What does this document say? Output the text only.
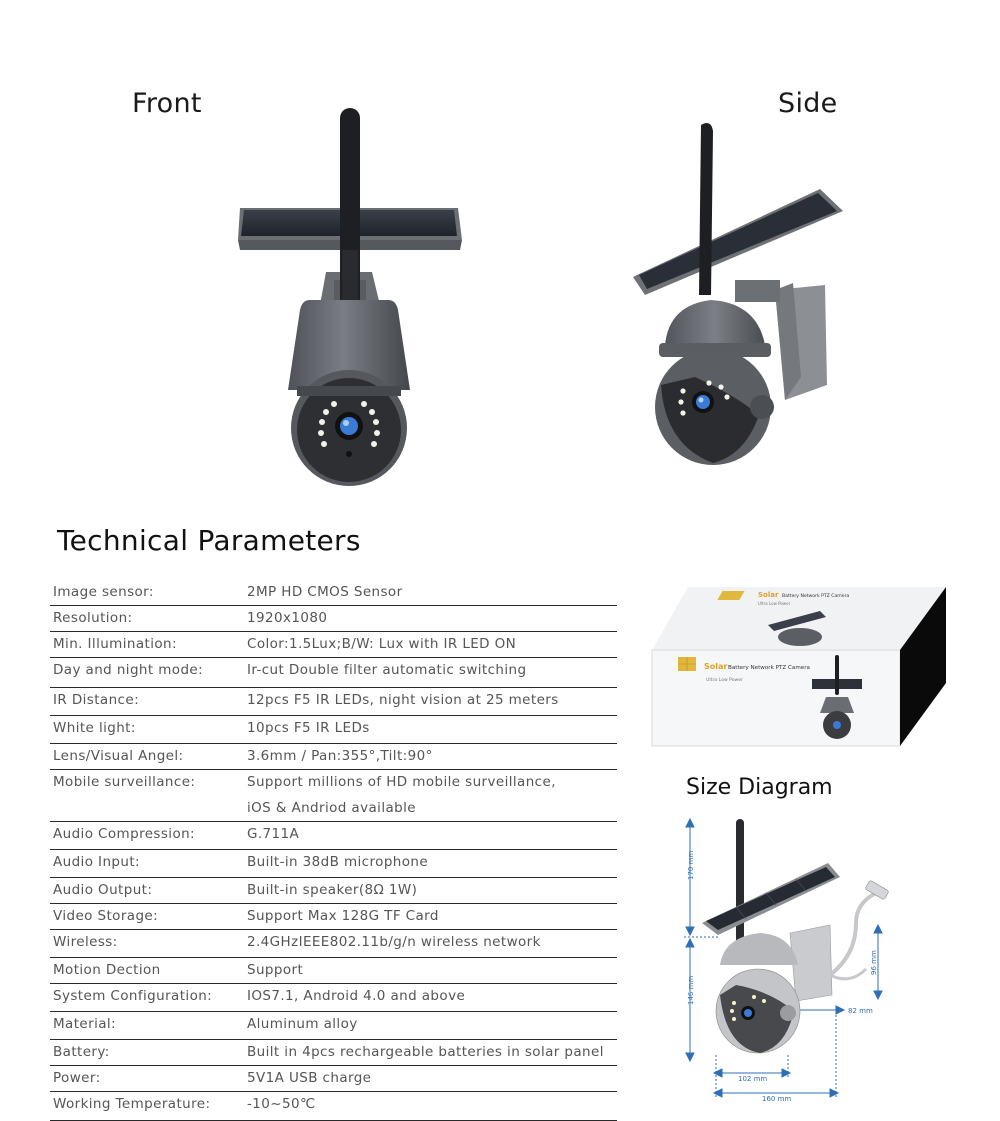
Front	Side
Technical Parameters
Image sensor:	2MP HD CMOS Sensor
Resolution:	1920x1080
Min. Illumination:	Color:1.5Lux;B/W: Lux with IR LED ON
Day and night mode:	Ir-cut Double filter automatic switching
IR Distance:	12pcs F5 IR LEDs, night vision at 25 meters
White light:	10pcs F5 IR LEDs
Lens/Visual Angel:	3.6mm / Pan:355°,Tilt:90°
Mobile surveillance:	Support millions of HD mobile surveillance,
iOS & Andriod available
Audio Compression:	G.711A
Audio Input:	Built-in 38dB microphone
Audio Output:	Built-in speaker(8Ω 1W)
Video Storage:	Support Max 128G TF Card
Wireless:	2.4GHzIEEE802.11b/g/n wireless network
Motion Dection	Support
System Configuration:	IOS7.1, Android 4.0 and above
Material:	Aluminum alloy
Battery:	Built in 4pcs rechargeable batteries in solar panel
Power:	5V1A USB charge
Working Temperature:	-10~50℃
Solar Battery Network PTZ Camera
Ultra Low Power
Solar Battery Network PTZ Camera
Ultra Low Power
Size Diagram
170 mm
146 mm
96 mm
82 mm
102 mm
160 mm
